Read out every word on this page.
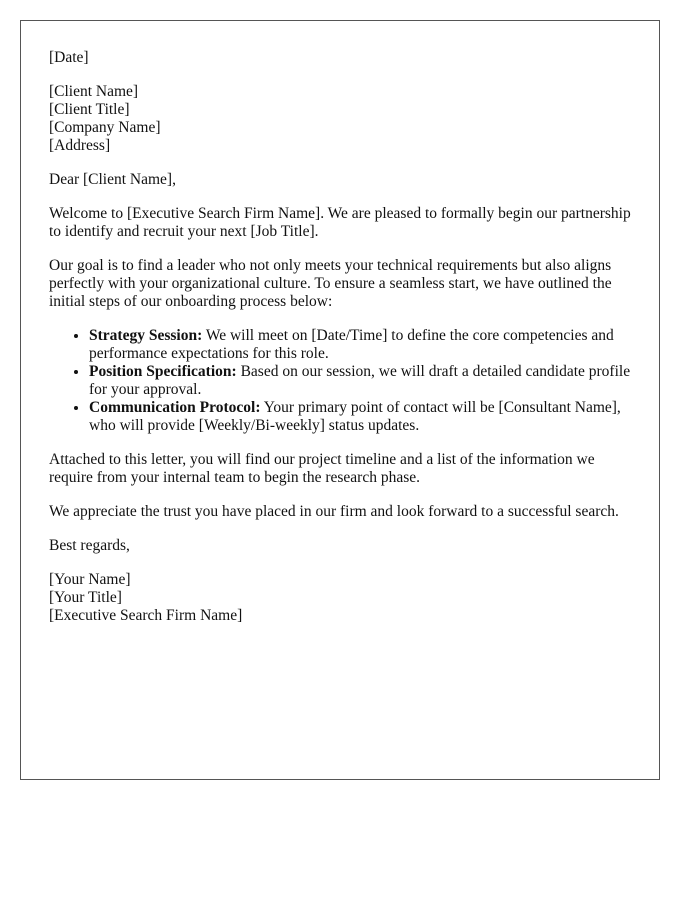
[Date]

[Client Name]
[Client Title]
[Company Name]
[Address]

Dear [Client Name],

Welcome to [Executive Search Firm Name]. We are pleased to formally begin our partnership to identify and recruit your next [Job Title].

Our goal is to find a leader who not only meets your technical requirements but also aligns perfectly with your organizational culture. To ensure a seamless start, we have outlined the initial steps of our onboarding process below:

• Strategy Session: We will meet on [Date/Time] to define the core competencies and performance expectations for this role.
• Position Specification: Based on our session, we will draft a detailed candidate profile for your approval.
• Communication Protocol: Your primary point of contact will be [Consultant Name], who will provide [Weekly/Bi-weekly] status updates.

Attached to this letter, you will find our project timeline and a list of the information we require from your internal team to begin the research phase.

We appreciate the trust you have placed in our firm and look forward to a successful search.

Best regards,

[Your Name]
[Your Title]
[Executive Search Firm Name]
